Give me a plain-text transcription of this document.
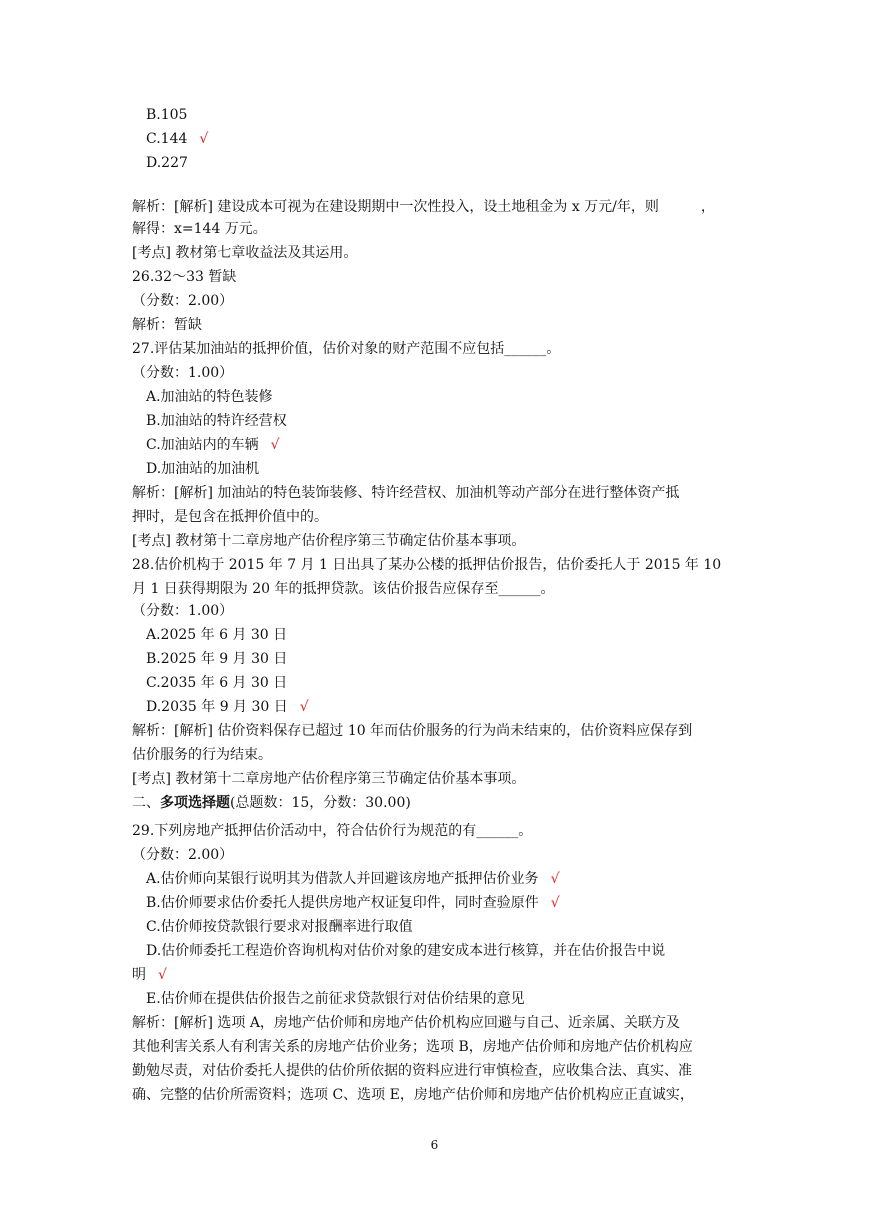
B.105
C.144 √
D.227
解析：[解析] 建设成本可视为在建设期期中一次性投入，设土地租金为 x 万元/年，则　　　，
解得：x=144 万元。
[考点] 教材第七章收益法及其运用。
26.32～33 暂缺
（分数：2.00）
解析：暂缺
27.评估某加油站的抵押价值，估价对象的财产范围不应包括______。
（分数：1.00）
A.加油站的特色装修
B.加油站的特许经营权
C.加油站内的车辆 √
D.加油站的加油机
解析：[解析] 加油站的特色装饰装修、特许经营权、加油机等动产部分在进行整体资产抵
押时，是包含在抵押价值中的。
[考点] 教材第十二章房地产估价程序第三节确定估价基本事项。
28.估价机构于 2015 年 7 月 1 日出具了某办公楼的抵押估价报告，估价委托人于 2015 年 10
月 1 日获得期限为 20 年的抵押贷款。该估价报告应保存至______。
（分数：1.00）
A.2025 年 6 月 30 日
B.2025 年 9 月 30 日
C.2035 年 6 月 30 日
D.2035 年 9 月 30 日 √
解析：[解析] 估价资料保存已超过 10 年而估价服务的行为尚未结束的，估价资料应保存到
估价服务的行为结束。
[考点] 教材第十二章房地产估价程序第三节确定估价基本事项。
二、多项选择题(总题数：15，分数：30.00)
29.下列房地产抵押估价活动中，符合估价行为规范的有______。
（分数：2.00）
A.估价师向某银行说明其为借款人并回避该房地产抵押估价业务 √
B.估价师要求估价委托人提供房地产权证复印件，同时查验原件 √
C.估价师按贷款银行要求对报酬率进行取值
D.估价师委托工程造价咨询机构对估价对象的建安成本进行核算，并在估价报告中说
明 √
E.估价师在提供估价报告之前征求贷款银行对估价结果的意见
解析：[解析] 选项 A，房地产估价师和房地产估价机构应回避与自己、近亲属、关联方及
其他利害关系人有利害关系的房地产估价业务；选项 B，房地产估价师和房地产估价机构应
勤勉尽责，对估价委托人提供的估价所依据的资料应进行审慎检查，应收集合法、真实、准
确、完整的估价所需资料；选项 C、选项 E，房地产估价师和房地产估价机构应正直诚实，
6
